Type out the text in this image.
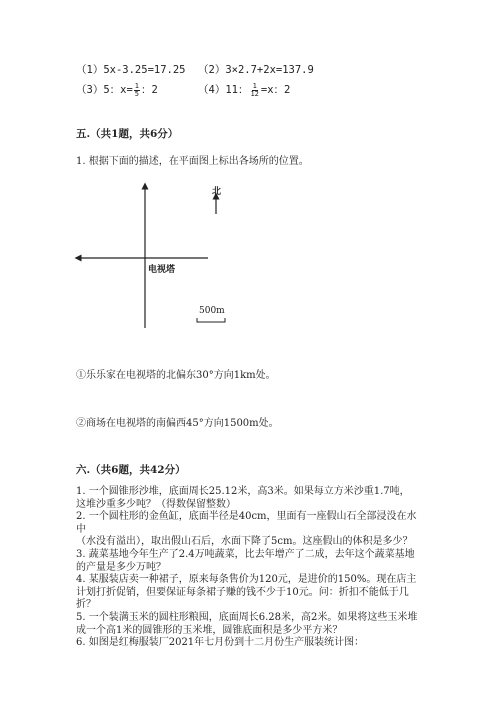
（1）5x-3.25=17.25 （2）3×2.7+2x=137.9
（3）5：$x= \frac{1}{5}$ ：2	（4）11： $\frac{1}{12} =x$：2
五.（共1题，共6分）
1. 根据下面的描述，在平面图上标出各场所的位置。
北
电视塔
500m
①乐乐家在电视塔的北偏东30°方向1km处。
②商场在电视塔的南偏西45°方向1500m处。
六.（共6题，共42分）

1. 一个圆锥形沙堆，底面周长25.12米，高3米。如果每立方米沙重1.7吨，

这堆沙重多少吨？（得数保留整数）

2. 一个圆柱形的金鱼缸，底面半径是40cm，里面有一座假山石全部浸没在水中

（水没有溢出），取出假山石后，水面下降了5cm。这座假山的体积是多少？

3. 蔬菜基地今年生产了2.4万吨蔬菜，比去年增产了二成，去年这个蔬菜基地

的产量是多少万吨？

4. 某服装店卖一种裙子，原来每条售价为120元，是进价的150%。现在店主

计划打折促销，但要保证每条裙子赚的钱不少于10元。问：折扣不能低于几折？

5. 一个装满玉米的圆柱形粮囤，底面周长6.28米，高2米。如果将这些玉米堆

成一个高1米的圆锥形的玉米堆，圆锥底面积是多少平方米？

6. 如图是红梅服装厂2021年七月份到十二月份生产服装统计图：
